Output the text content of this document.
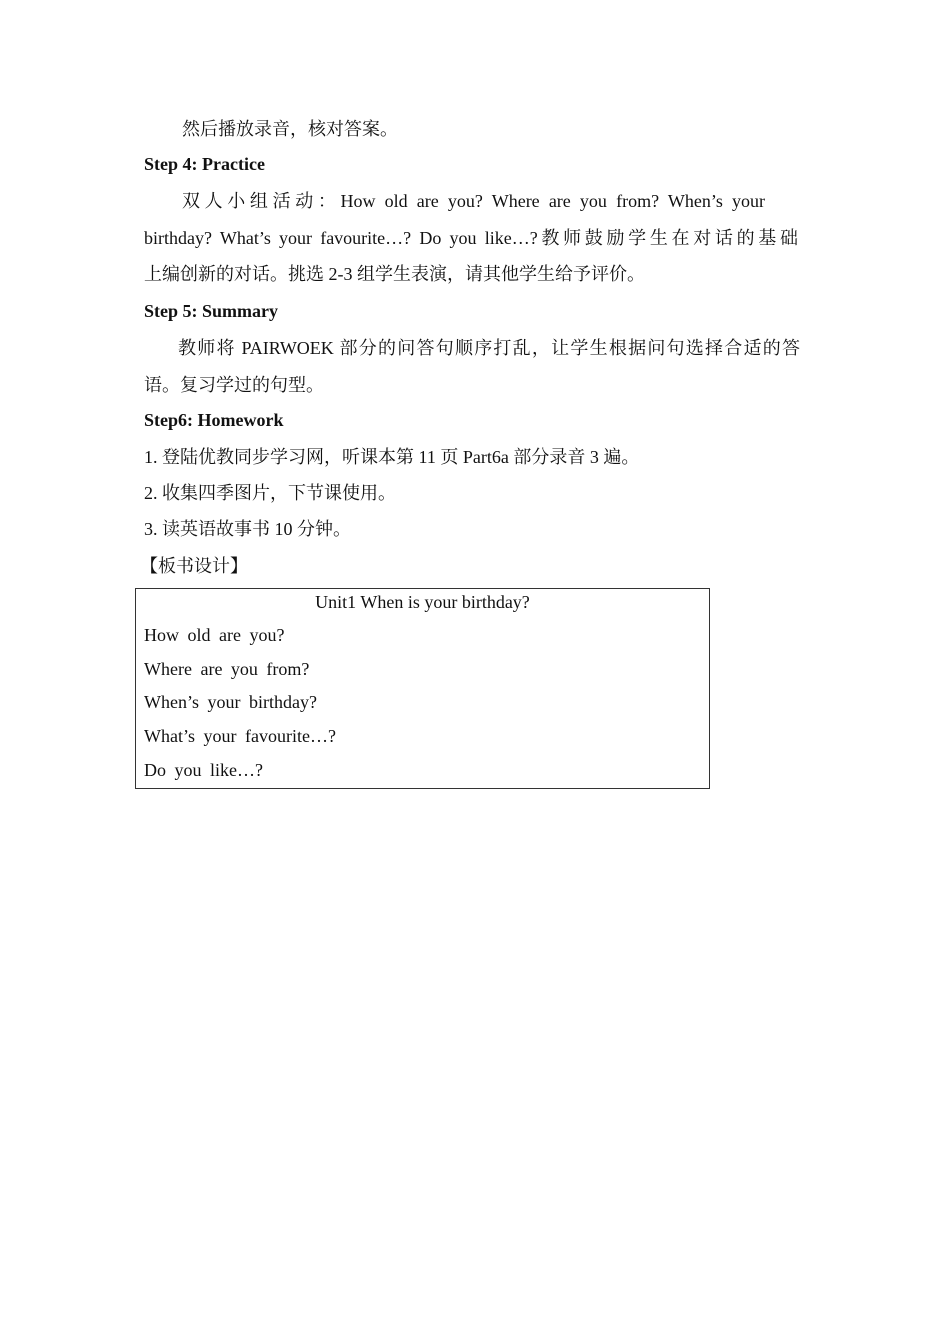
然后播放录音，核对答案。
Step 4: Practice
双人小组活动：How old are you? Where are you from? When’s your
birthday? What’s your favourite…? Do you like…?教师鼓励学生在对话的基础
上编创新的对话。挑选 2-3 组学生表演，请其他学生给予评价。
Step 5: Summary
教师将 PAIRWOEK 部分的问答句顺序打乱，让学生根据问句选择合适的答
语。复习学过的句型。
Step6: Homework
1. 登陆优教同步学习网，听课本第 11 页 Part6a 部分录音 3 遍。
2. 收集四季图片，下节课使用。
3. 读英语故事书 10 分钟。
【板书设计】
Unit1 When is your birthday?
How old are you?
Where are you from?
When’s your birthday?
What’s your favourite…?
Do you like…?
